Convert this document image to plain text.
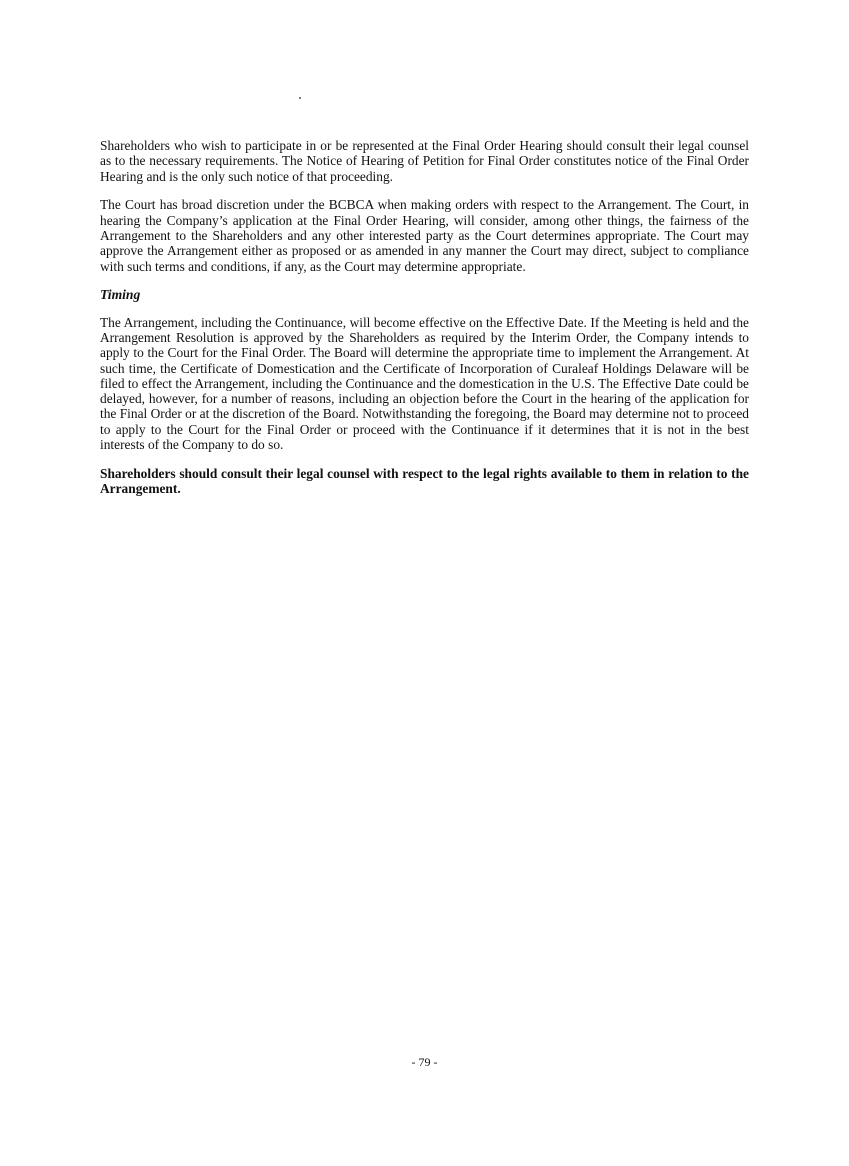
Shareholders who wish to participate in or be represented at the Final Order Hearing should consult their legal counsel as to the necessary requirements. The Notice of Hearing of Petition for Final Order constitutes notice of the Final Order Hearing and is the only such notice of that proceeding.

The Court has broad discretion under the BCBCA when making orders with respect to the Arrangement. The Court, in hearing the Company’s application at the Final Order Hearing, will consider, among other things, the fairness of the Arrangement to the Shareholders and any other interested party as the Court determines appropriate. The Court may approve the Arrangement either as proposed or as amended in any manner the Court may direct, subject to compliance with such terms and conditions, if any, as the Court may determine appropriate.

Timing

The Arrangement, including the Continuance, will become effective on the Effective Date. If the Meeting is held and the Arrangement Resolution is approved by the Shareholders as required by the Interim Order, the Company intends to apply to the Court for the Final Order. The Board will determine the appropriate time to implement the Arrangement. At such time, the Certificate of Domestication and the Certificate of Incorporation of Curaleaf Holdings Delaware will be filed to effect the Arrangement, including the Continuance and the domestication in the U.S. The Effective Date could be delayed, however, for a number of reasons, including an objection before the Court in the hearing of the application for the Final Order or at the discretion of the Board. Notwithstanding the foregoing, the Board may determine not to proceed to apply to the Court for the Final Order or proceed with the Continuance if it determines that it is not in the best interests of the Company to do so.

Shareholders should consult their legal counsel with respect to the legal rights available to them in relation to the Arrangement.

- 79 -
